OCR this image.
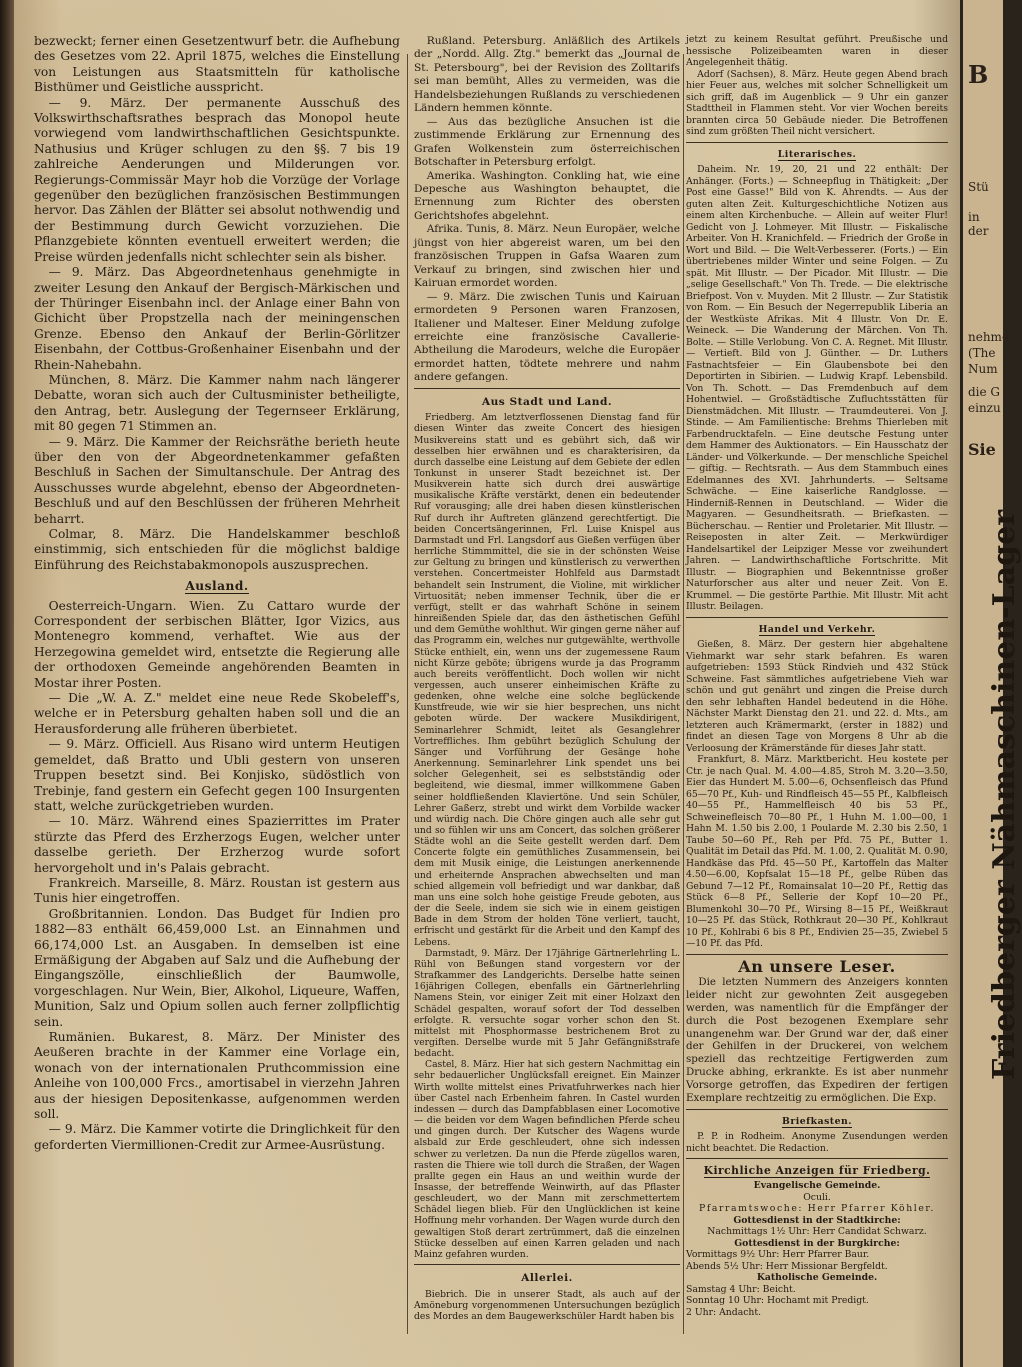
bezweckt; ferner einen Gesetzentwurf betr. die Aufhebung des Gesetzes vom 22. April 1875, welches die Einstellung von Leistungen aus Staatsmitteln für katholische Bisthümer und Geistliche ausspricht.

— 9. März. Der permanente Ausschuß des Volkswirthschaftsrathes besprach das Monopol heute vorwiegend vom landwirthschaftlichen Gesichtspunkte. Nathusius und Krüger schlugen zu den §§. 7 bis 19 zahlreiche Aenderungen und Milderungen vor. Regierungs-Commissär Mayr hob die Vorzüge der Vorlage gegenüber den bezüglichen französischen Bestimmungen hervor. Das Zählen der Blätter sei absolut nothwendig und der Bestimmung durch Gewicht vorzuziehen. Die Pflanzgebiete könnten eventuell erweitert werden; die Preise würden jedenfalls nicht schlechter sein als bisher.

— 9. März. Das Abgeordnetenhaus genehmigte in zweiter Lesung den Ankauf der Bergisch-Märkischen und der Thüringer Eisenbahn incl. der Anlage einer Bahn von Gichicht über Propstzella nach der meiningenschen Grenze. Ebenso den Ankauf der Berlin-Görlitzer Eisenbahn, der Cottbus-Großenhainer Eisenbahn und der Rhein-Nahebahn.

München, 8. März. Die Kammer nahm nach längerer Debatte, woran sich auch der Cultusminister betheiligte, den Antrag, betr. Auslegung der Tegernseer Erklärung, mit 80 gegen 71 Stimmen an.

— 9. März. Die Kammer der Reichsräthe berieth heute über den von der Abgeordnetenkammer gefaßten Beschluß in Sachen der Simultanschule. Der Antrag des Ausschusses wurde abgelehnt, ebenso der Abgeordneten-Beschluß und auf den Beschlüssen der früheren Mehrheit beharrt.

Colmar, 8. März. Die Handelskammer beschloß einstimmig, sich entschieden für die möglichst baldige Einführung des Reichstabakmonopols auszusprechen.

Ausland.

Oesterreich-Ungarn. Wien. Zu Cattaro wurde der Correspondent der serbischen Blätter, Igor Vizics, aus Montenegro kommend, verhaftet. Wie aus der Herzegowina gemeldet wird, entsetzte die Regierung alle der orthodoxen Gemeinde angehörenden Beamten in Mostar ihrer Posten.

— Die „W. A. Z." meldet eine neue Rede Skobeleff's, welche er in Petersburg gehalten haben soll und die an Herausforderung alle früheren überbietet.

— 9. März. Officiell. Aus Risano wird unterm Heutigen gemeldet, daß Bratto und Ubli gestern von unseren Truppen besetzt sind. Bei Konjisko, südöstlich von Trebinje, fand gestern ein Gefecht gegen 100 Insurgenten statt, welche zurückgetrieben wurden.

— 10. März. Während eines Spazierrittes im Prater stürzte das Pferd des Erzherzogs Eugen, welcher unter dasselbe gerieth. Der Erzherzog wurde sofort hervorgeholt und in's Palais gebracht.

Frankreich. Marseille, 8. März. Roustan ist gestern aus Tunis hier eingetroffen.

Großbritannien. London. Das Budget für Indien pro 1882—83 enthält 66,459,000 Lst. an Einnahmen und 66,174,000 Lst. an Ausgaben. In demselben ist eine Ermäßigung der Abgaben auf Salz und die Aufhebung der Eingangszölle, einschließlich der Baumwolle, vorgeschlagen. Nur Wein, Bier, Alkohol, Liqueure, Waffen, Munition, Salz und Opium sollen auch ferner zollpflichtig sein.

Rumänien. Bukarest, 8. März. Der Minister des Aeußeren brachte in der Kammer eine Vorlage ein, wonach von der internationalen Pruthcommission eine Anleihe von 100,000 Frcs., amortisabel in vierzehn Jahren aus der hiesigen Depositenkasse, aufgenommen werden soll.

— 9. März. Die Kammer votirte die Dringlichkeit für den geforderten Viermillionen-Credit zur Armee-Ausrüstung.

Rußland. Petersburg. Anläßlich des Artikels der „Nordd. Allg. Ztg." bemerkt das „Journal de St. Petersbourg", bei der Revision des Zolltarifs sei man bemüht, Alles zu vermeiden, was die Handelsbeziehungen Rußlands zu verschiedenen Ländern hemmen könnte.

— Aus das bezügliche Ansuchen ist die zustimmende Erklärung zur Ernennung des Grafen Wolkenstein zum österreichischen Botschafter in Petersburg erfolgt.

Amerika. Washington. Conkling hat, wie eine Depesche aus Washington behauptet, die Ernennung zum Richter des obersten Gerichtshofes abgelehnt.

Afrika. Tunis, 8. März. Neun Europäer, welche jüngst von hier abgereist waren, um bei den französischen Truppen in Gafsa Waaren zum Verkauf zu bringen, sind zwischen hier und Kairuan ermordet worden.

— 9. März. Die zwischen Tunis und Kairuan ermordeten 9 Personen waren Franzosen, Italiener und Malteser. Einer Meldung zufolge erreichte eine französische Cavallerie-Abtheilung die Marodeurs, welche die Europäer ermordet hatten, tödtete mehrere und nahm andere gefangen.

Aus Stadt und Land.

Friedberg. Am letztverflossenen Dienstag fand für diesen Winter das zweite Concert des hiesigen Musikvereins statt und es gebührt sich, daß wir desselben hier erwähnen und es charakterisiren, da durch dasselbe eine Leistung auf dem Gebiete der edlen Tonkunst in unserer Stadt bezeichnet ist. Der Musikverein hatte sich durch drei auswärtige musikalische Kräfte verstärkt, denen ein bedeutender Ruf vorausging; alle drei haben diesen künstlerischen Ruf durch ihr Auftreten glänzend gerechtfertigt. Die beiden Concertsängerinnen, Frl. Luise Knispel aus Darmstadt und Frl. Langsdorf aus Gießen verfügen über herrliche Stimmmittel, die sie in der schönsten Weise zur Geltung zu bringen und künstlerisch zu verwerthen verstehen. Concertmeister Hohlfeld aus Darmstadt behandelt sein Instrument, die Violine, mit wirklicher Virtuosität; neben immenser Technik, über die er verfügt, stellt er das wahrhaft Schöne in seinem hinreißenden Spiele dar, das den ästhetischen Gefühl und dem Gemüthe wohlthut. Wir gingen gerne näher auf das Programm ein, welches nur gutgewählte, werthvolle Stücke enthielt, ein, wenn uns der zugemessene Raum nicht Kürze geböte; übrigens wurde ja das Programm auch bereits veröffentlicht. Doch wollen wir nicht vergessen, auch unserer einheimischen Kräfte zu gedenken, ohne welche eine solche beglückende Kunstfreude, wie wir sie hier besprechen, uns nicht geboten würde. Der wackere Musikdirigent, Seminarlehrer Schmidt, leitet als Gesanglehrer Vortreffliches. Ihm gebührt bezüglich Schulung der Sänger und Vorführung der Gesänge hohe Anerkennung. Seminarlehrer Link spendet uns bei solcher Gelegenheit, sei es selbstständig oder begleitend, wie diesmal, immer willkommene Gaben seiner holdfließenden Klaviertöne. Und sein Schüler, Lehrer Gaßerz, strebt und wirkt dem Vorbilde wacker und würdig nach. Die Chöre gingen auch alle sehr gut und so fühlen wir uns am Concert, das solchen größerer Städte wohl an die Seite gestellt werden darf. Dem Concerte folgte ein gemüthliches Zusammensein, bei dem mit Musik einige, die Leistungen anerkennende und erheiternde Ansprachen abwechselten und man schied allgemein voll befriedigt und war dankbar, daß man uns eine solch hohe geistige Freude geboten, aus der die Seele, indem sie sich wie in einem geistigen Bade in dem Strom der holden Töne verliert, taucht, erfrischt und gestärkt für die Arbeit und den Kampf des Lebens.

Darmstadt, 9. März. Der 17jährige Gärtnerlehrling L. Rühl von Beßungen stand vorgestern vor der Strafkammer des Landgerichts. Derselbe hatte seinen 16jährigen Collegen, ebenfalls ein Gärtnerlehrling Namens Stein, vor einiger Zeit mit einer Holzaxt den Schädel gespalten, worauf sofort der Tod desselben erfolgte. R. versuchte sogar vorher schon den St. mittelst mit Phosphormasse bestrichenem Brot zu vergiften. Derselbe wurde mit 5 Jahr Gefängnißstrafe bedacht.

Castel, 8. März. Hier hat sich gestern Nachmittag ein sehr bedauerlicher Unglücksfall ereignet. Ein Mainzer Wirth wollte mittelst eines Privatfuhrwerkes nach hier über Castel nach Erbenheim fahren. In Castel wurden indessen — durch das Dampfabblasen einer Locomotive — die beiden vor dem Wagen befindlichen Pferde scheu und gingen durch. Der Kutscher des Wagens wurde alsbald zur Erde geschleudert, ohne sich indessen schwer zu verletzen. Da nun die Pferde zügellos waren, rasten die Thiere wie toll durch die Straßen, der Wagen prallte gegen ein Haus an und weithin wurde der Insasse, der betreffende Weinwirth, auf das Pflaster geschleudert, wo der Mann mit zerschmettertem Schädel liegen blieb. Für den Unglücklichen ist keine Hoffnung mehr vorhanden. Der Wagen wurde durch den gewaltigen Stoß derart zertrümmert, daß die einzelnen Stücke desselben auf einen Karren geladen und nach Mainz gefahren wurden.

Allerlei.

Biebrich. Die in unserer Stadt, als auch auf der Amöneburg vorgenommenen Untersuchungen bezüglich des Mordes an dem Baugewerkschüler Hardt haben bis

jetzt zu keinem Resultat geführt. Preußische und hessische Polizeibeamten waren in dieser Angelegenheit thätig.

Adorf (Sachsen), 8. März. Heute gegen Abend brach hier Feuer aus, welches mit solcher Schnelligkeit um sich griff, daß im Augenblick — 9 Uhr ein ganzer Stadttheil in Flammen steht. Vor vier Wochen bereits brannten circa 50 Gebäude nieder. Die Betroffenen sind zum größten Theil nicht versichert.

Literarisches.

Daheim. Nr. 19, 20, 21 und 22 enthält: Der Anhänger. (Forts.) — Schneepflug in Thätigkeit: „Der Post eine Gasse!" Bild von K. Ahrendts. — Aus der guten alten Zeit. Kulturgeschichtliche Notizen aus einem alten Kirchenbuche. — Allein auf weiter Flur! Gedicht von J. Lohmeyer. Mit Illustr. — Fiskalische Arbeiter. Von H. Kranichfeld. — Friedrich der Große in Wort und Bild. — Die Welt-Verbesserer. (Forts.) — Ein übertriebenes milder Winter und seine Folgen. — Zu spät. Mit Illustr. — Der Picador. Mit Illustr. — Die „selige Gesellschaft." Von Th. Trede. — Die elektrische Briefpost. Von v. Muyden. Mit 2 Illustr. — Zur Statistik von Rom. — Ein Besuch der Negerrepublik Liberia an der Westküste Afrikas. Mit 4 Illustr. Von Dr. E. Weineck. — Die Wanderung der Märchen. Von Th. Bolte. — Stille Verlobung. Von C. A. Regnet. Mit Illustr. — Vertieft. Bild von J. Günther. — Dr. Luthers Fastnachtsfeier — Ein Glaubensbote bei den Deportirten in Sibirien. — Ludwig Krapf. Lebensbild. Von Th. Schott. — Das Fremdenbuch auf dem Hohentwiel. — Großstädtische Zufluchtsstätten für Dienstmädchen. Mit Illustr. — Traumdeuterei. Von J. Stinde. — Am Familientische: Brehms Thierleben mit Farbendrucktafeln. — Eine deutsche Festung unter dem Hammer des Auktionators. — Ein Hausschatz der Länder- und Völkerkunde. — Der menschliche Speichel — giftig. — Rechtsrath. — Aus dem Stammbuch eines Edelmannes des XVI. Jahrhunderts. — Seltsame Schwäche. — Eine kaiserliche Randglosse. — Hinderniß-Rennen in Deutschland. — Wider die Magyaren. — Gesundheitsrath. — Briefkasten. — Bücherschau. — Rentier und Proletarier. Mit Illustr. — Reiseposten in alter Zeit. — Merkwürdiger Handelsartikel der Leipziger Messe vor zweihundert Jahren. — Landwirthschaftliche Fortschritte. Mit Illustr. — Biographien und Bekenntnisse großer Naturforscher aus alter und neuer Zeit. Von E. Krummel. — Die gestörte Parthie. Mit Illustr. Mit acht Illustr. Beilagen.

Handel und Verkehr.

Gießen, 8. März. Der gestern hier abgehaltene Viehmarkt war sehr stark befahren. Es waren aufgetrieben: 1593 Stück Rindvieh und 432 Stück Schweine. Fast sämmtliches aufgetriebene Vieh war schön und gut genährt und zingen die Preise durch den sehr lebhaften Handel bedeutend in die Höhe. Nächster Markt Dienstag den 21. und 22. d. Mts., am letzteren auch Krämermarkt, (erster in 1882) und findet an diesen Tage von Morgens 8 Uhr ab die Verloosung der Krämerstände für dieses Jahr statt.

Frankfurt, 8. März. Marktbericht. Heu kostete per Ctr. je nach Qual. M. 4.00—4.85, Stroh M. 3.20—3.50, Eier das Hundert M. 5.00—6, Ochsenfleisch das Pfund 65—70 Pf., Kuh- und Rindfleisch 45—55 Pf., Kalbfleisch 40—55 Pf., Hammelfleisch 40 bis 53 Pf., Schweinefleisch 70—80 Pf., 1 Huhn M. 1.00—00, 1 Hahn M. 1.50 bis 2.00, 1 Poularde M. 2.30 bis 2.50, 1 Taube 50—60 Pf., Reh per Pfd. 75 Pf., Butter 1. Qualität im Detail das Pfd. M. 1.00, 2. Qualität M. 0.90, Handkäse das Pfd. 45—50 Pf., Kartoffeln das Malter 4.50—6.00, Kopfsalat 15—18 Pf., gelbe Rüben das Gebund 7—12 Pf., Romainsalat 10—20 Pf., Rettig das Stück 6—8 Pf., Sellerie der Kopf 10—20 Pf., Blumenkohl 30—70 Pf., Wirsing 8—15 Pf., Weißkraut 10—25 Pf. das Stück, Rothkraut 20—30 Pf., Kohlkraut 10 Pf., Kohlrabi 6 bis 8 Pf., Endivien 25—35, Zwiebel 5—10 Pf. das Pfd.

An unsere Leser.

Die letzten Nummern des Anzeigers konnten leider nicht zur gewohnten Zeit ausgegeben werden, was namentlich für die Empfänger der durch die Post bezogenen Exemplare sehr unangenehm war. Der Grund war der, daß einer der Gehilfen in der Druckerei, von welchem speziell das rechtzeitige Fertigwerden zum Drucke abhing, erkrankte. Es ist aber nunmehr Vorsorge getroffen, das Expediren der fertigen Exemplare rechtzeitig zu ermöglichen. Die Exp.

Briefkasten.

P. P. in Rodheim. Anonyme Zusendungen werden nicht beachtet. Die Redaction.

Kirchliche Anzeigen für Friedberg.
Evangelische Gemeinde.
Oculi.
Pfarramtswoche: Herr Pfarrer Köhler.
Gottesdienst in der Stadtkirche:
Nachmittags 1½ Uhr: Herr Candidat Schwarz.
Gottesdienst in der Burgkirche:
Vormittags 9½ Uhr: Herr Pfarrer Baur.
Abends 5½ Uhr: Herr Missionar Bergfeldt.
Katholische Gemeinde.
Samstag 4 Uhr: Beicht.
Sonntag 10 Uhr: Hochamt mit Predigt.
2 Uhr: Andacht.
B
Stü
in der
nehme
(The
Num
die G
einzu
Sie
Friedberger Nähmaschinen-Lager
